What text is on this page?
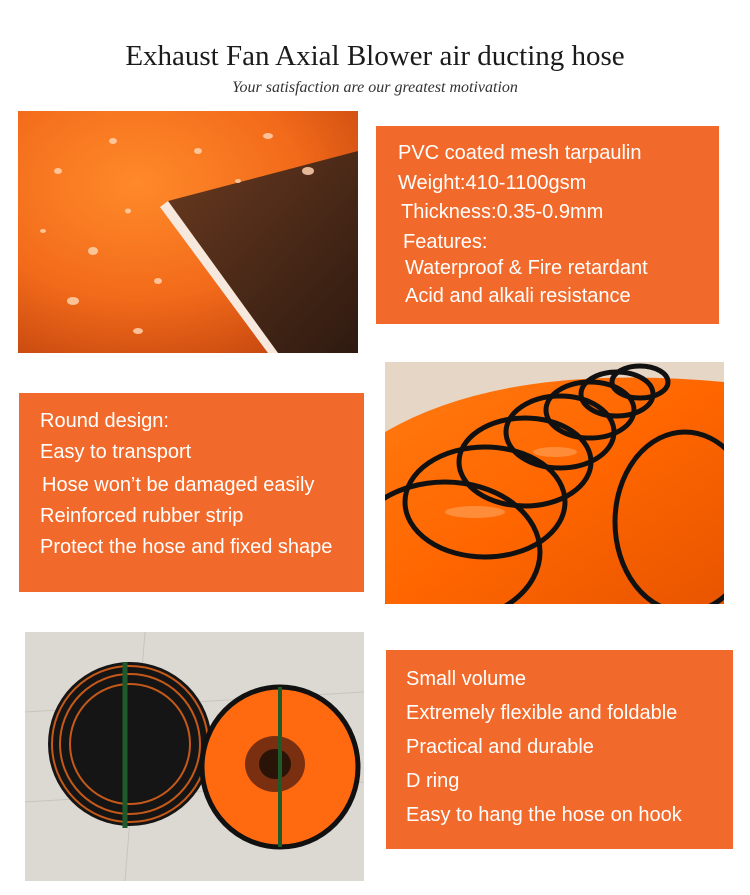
Exhaust Fan Axial Blower air ducting hose
Your satisfaction are our greatest motivation
PVC coated mesh tarpaulin
Weight:410-1100gsm
Thickness:0.35-0.9mm
Features:
Waterproof & Fire retardant
Acid and alkali resistance
Round design:
Easy to transport
Hose won’t be damaged easily
Reinforced rubber strip
Protect the hose and fixed shape
Small volume
Extremely flexible and foldable
Practical and durable
D ring
Easy to hang the hose on hook
